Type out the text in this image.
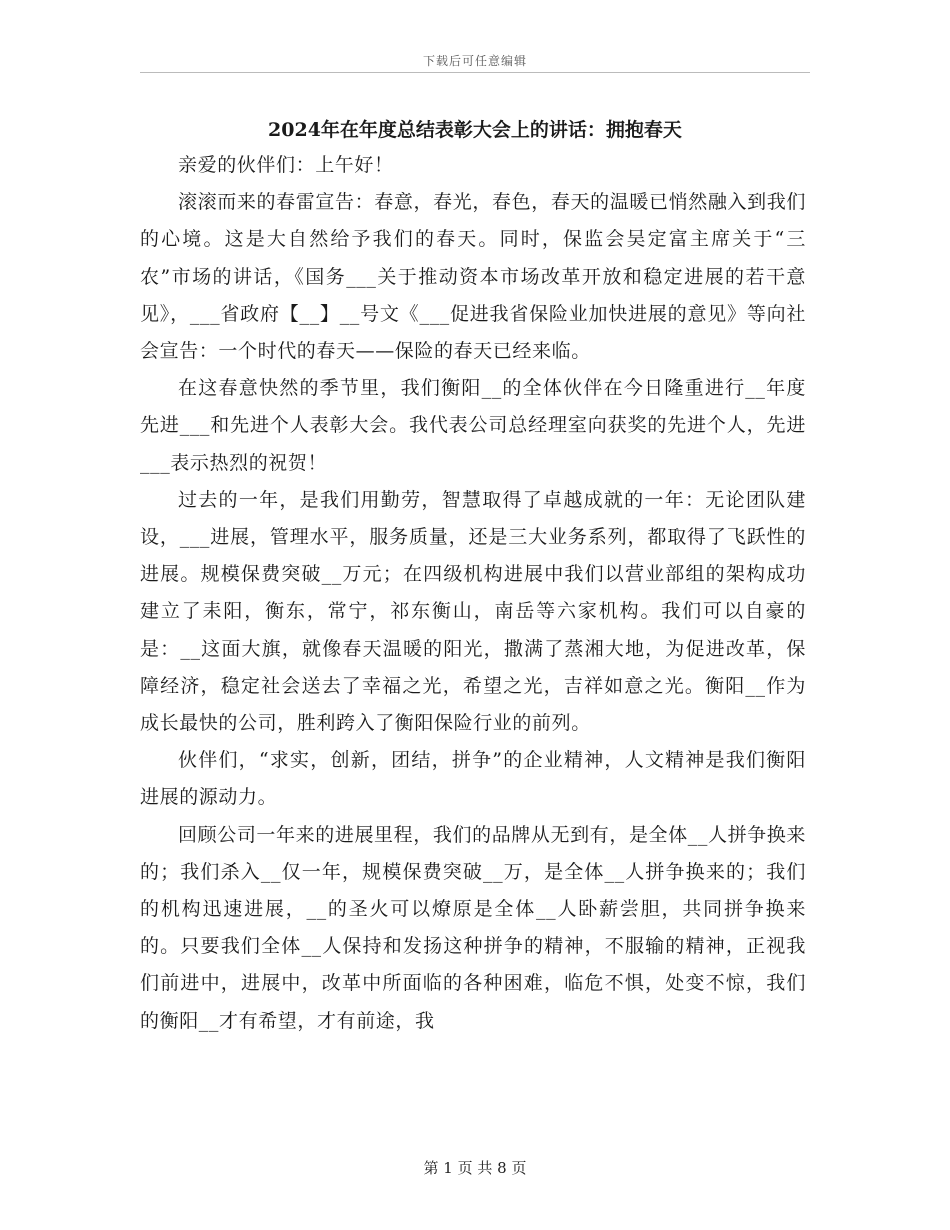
下载后可任意编辑
2024年在年度总结表彰大会上的讲话：拥抱春天

亲爱的伙伴们：上午好！

滚滚而来的春雷宣告：春意，春光，春色，春天的温暖已悄然融入到我们的心境。这是大自然给予我们的春天。同时，保监会吴定富主席关于“三农”市场的讲话，《国务___关于推动资本市场改革开放和稳定进展的若干意见》，___省政府【__】__号文《___促进我省保险业加快进展的意见》等向社会宣告：一个时代的春天——保险的春天已经来临。

在这春意快然的季节里，我们衡阳__的全体伙伴在今日隆重进行__年度先进___和先进个人表彰大会。我代表公司总经理室向获奖的先进个人，先进___表示热烈的祝贺！

过去的一年，是我们用勤劳，智慧取得了卓越成就的一年：无论团队建设，___进展，管理水平，服务质量，还是三大业务系列，都取得了飞跃性的进展。规模保费突破__万元；在四级机构进展中我们以营业部组的架构成功建立了耒阳，衡东，常宁，祁东衡山，南岳等六家机构。我们可以自豪的是：__这面大旗，就像春天温暖的阳光，撒满了蒸湘大地，为促进改革，保障经济，稳定社会送去了幸福之光，希望之光，吉祥如意之光。衡阳__作为成长最快的公司，胜利跨入了衡阳保险行业的前列。

伙伴们，“求实，创新，团结，拼争”的企业精神，人文精神是我们衡阳进展的源动力。

回顾公司一年来的进展里程，我们的品牌从无到有，是全体__人拼争换来的；我们杀入__仅一年，规模保费突破__万，是全体__人拼争换来的；我们的机构迅速进展，__的圣火可以燎原是全体__人卧薪尝胆，共同拼争换来的。只要我们全体__人保持和发扬这种拼争的精神，不服输的精神，正视我们前进中，进展中，改革中所面临的各种困难，临危不惧，处变不惊，我们的衡阳__才有希望，才有前途，我

第 1 页 共 8 页
